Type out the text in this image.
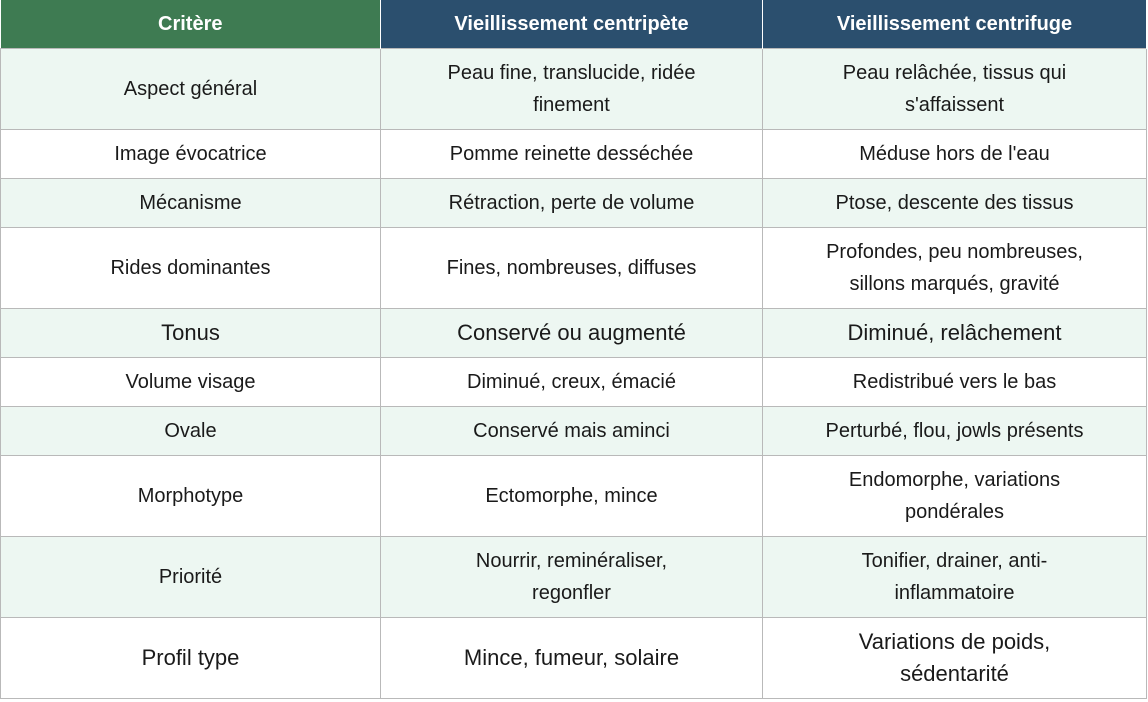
Critère	Vieillissement centripète	Vieillissement centrifuge
Aspect général	Peau fine, translucide, ridée finement	Peau relâchée, tissus qui s'affaissent
Image évocatrice	Pomme reinette desséchée	Méduse hors de l'eau
Mécanisme	Rétraction, perte de volume	Ptose, descente des tissus
Rides dominantes	Fines, nombreuses, diffuses	Profondes, peu nombreuses, sillons marqués, gravité
Tonus	Conservé ou augmenté	Diminué, relâchement
Volume visage	Diminué, creux, émacié	Redistribué vers le bas
Ovale	Conservé mais aminci	Perturbé, flou, jowls présents
Morphotype	Ectomorphe, mince	Endomorphe, variations pondérales
Priorité	Nourrir, reminéraliser, regonfler	Tonifier, drainer, anti-inflammatoire
Profil type	Mince, fumeur, solaire	Variations de poids, sédentarité
